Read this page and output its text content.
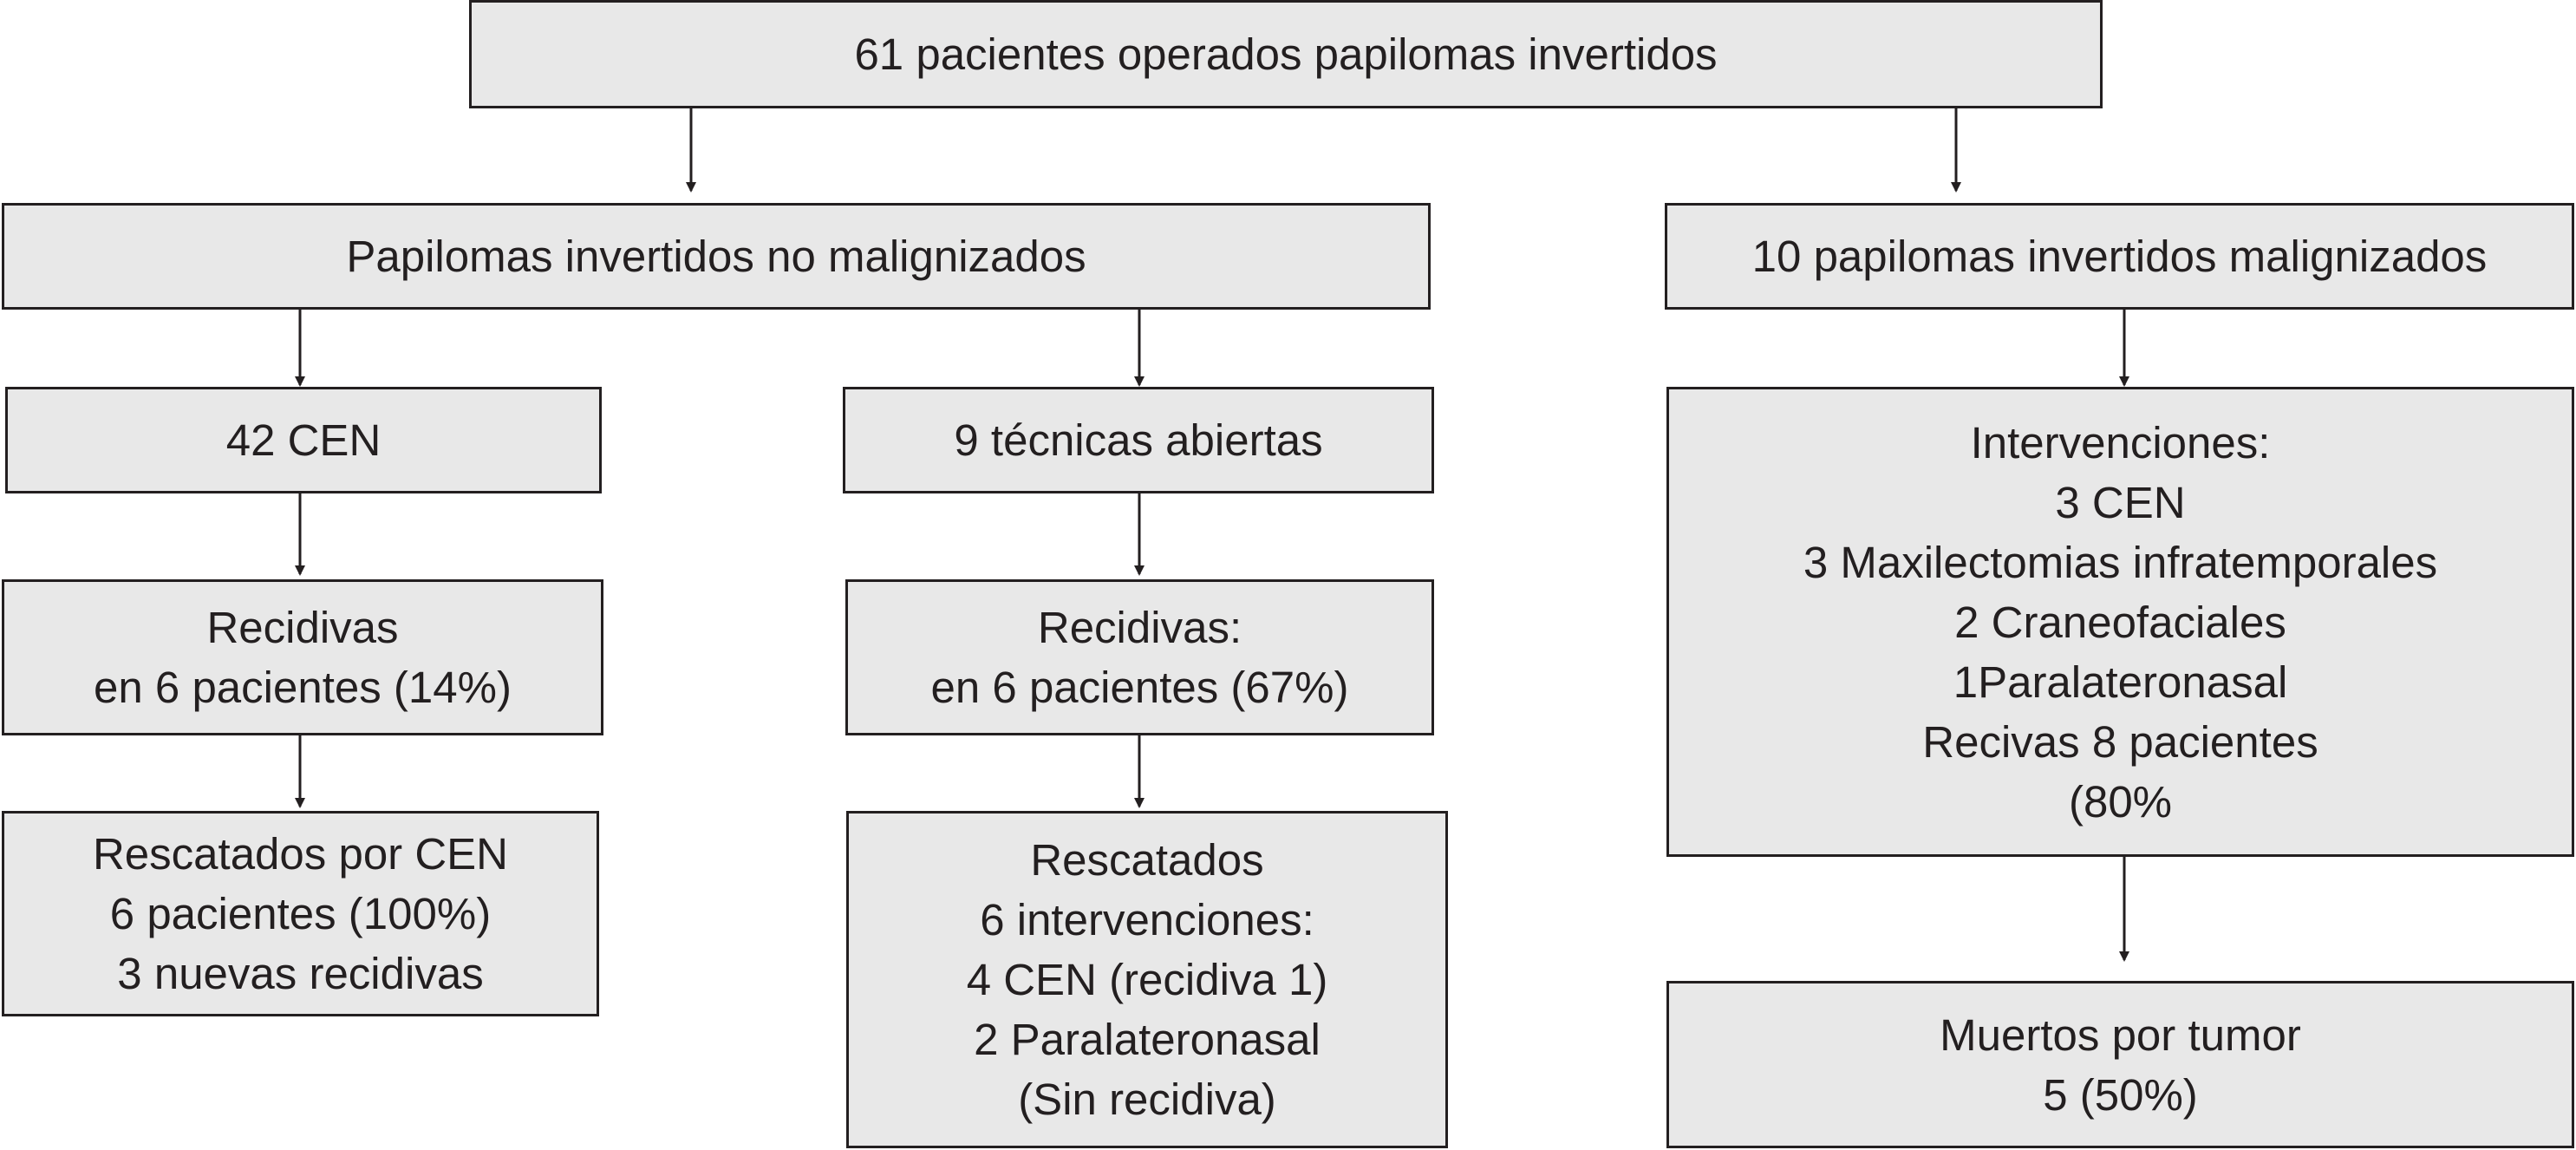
61 pacientes operados papilomas invertidos
Papilomas invertidos no malignizados	10 papilomas invertidos malignizados
42 CEN	9 técnicas abiertas	Intervenciones:
3 CEN
3 Maxilectomias infratemporales
2 Craneofaciales
1Paralateronasal
Recivas 8 pacientes
(80%
Recidivas
en 6 pacientes (14%)
Recidivas:
en 6 pacientes (67%)
Rescatados por CEN
6 pacientes (100%)
3 nuevas recidivas
Rescatados
6 intervenciones:
4 CEN (recidiva 1)
2 Paralateronasal
(Sin recidiva)
Muertos por tumor
5 (50%)
